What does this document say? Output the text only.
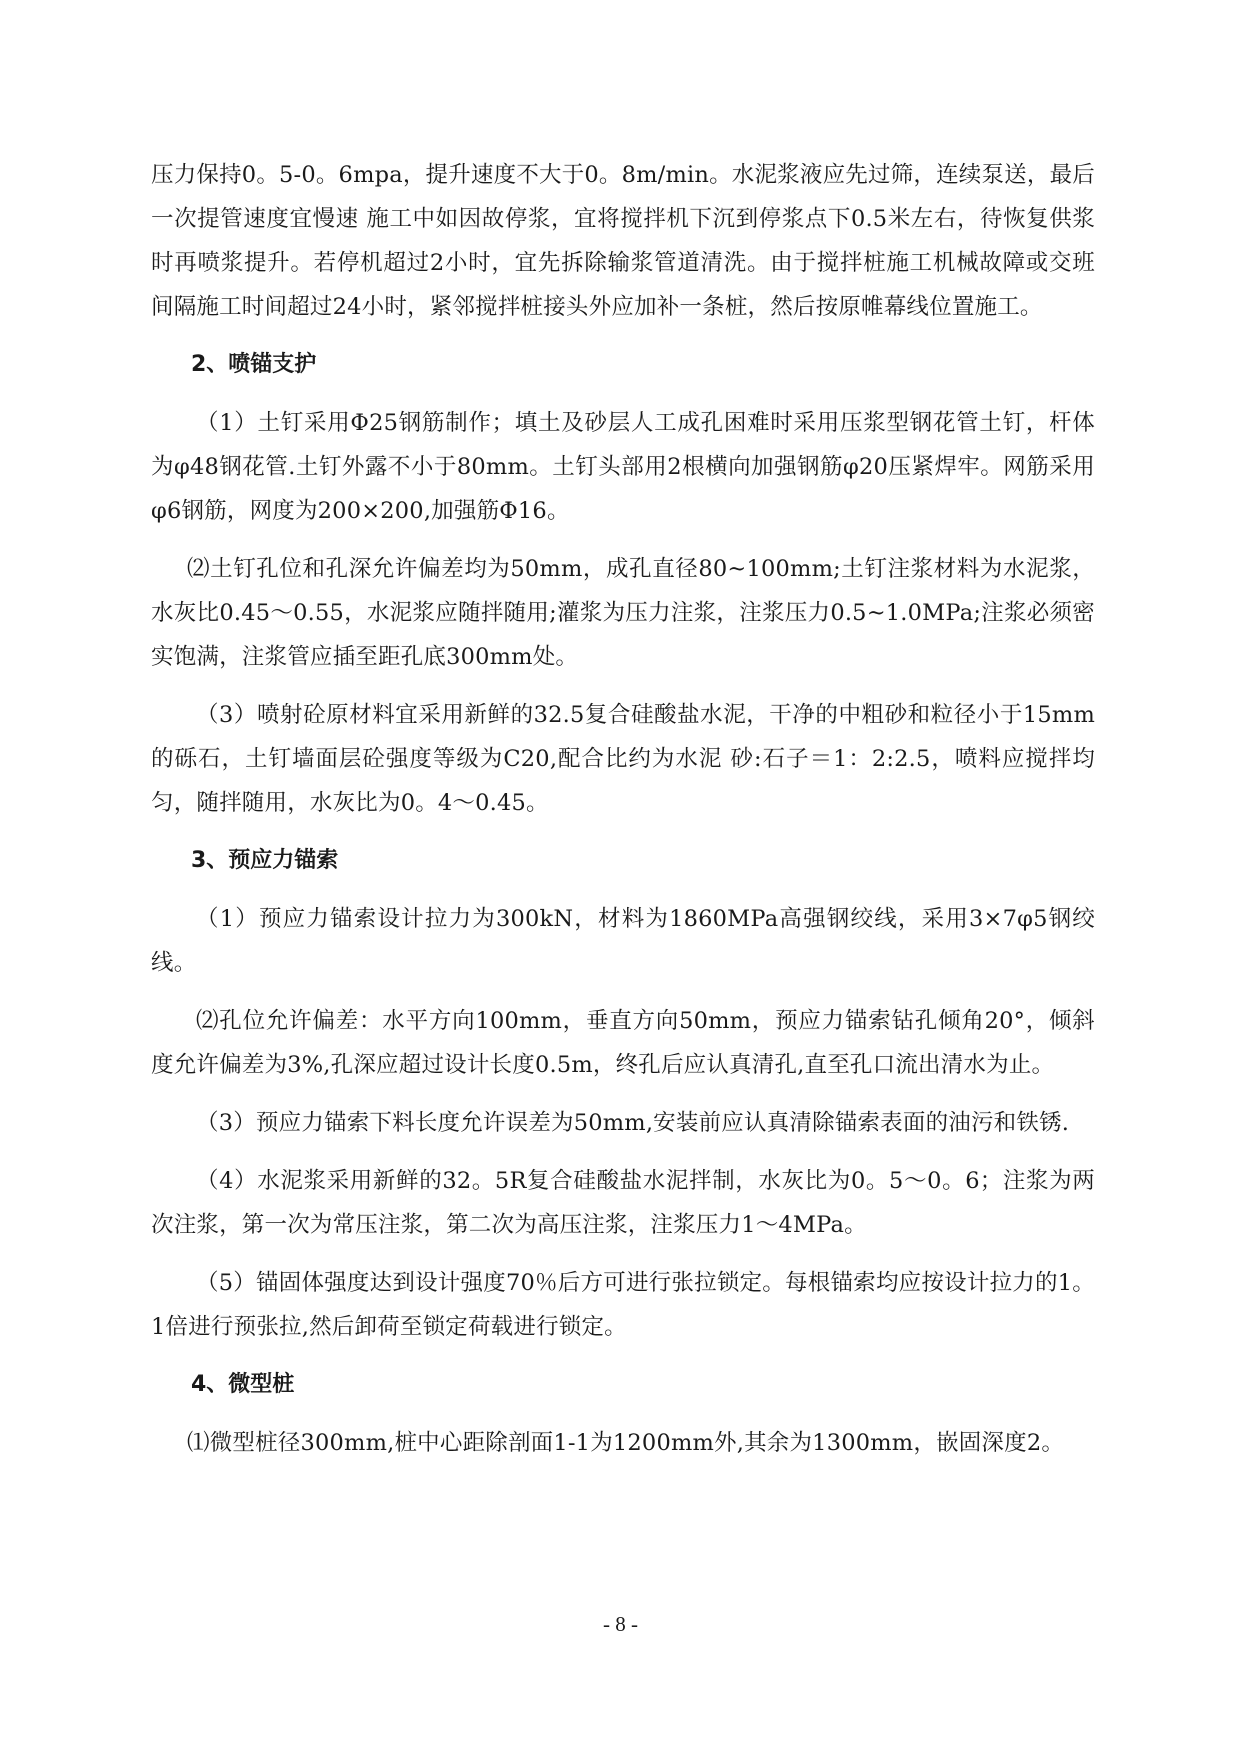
压力保持0。5-0。6mpa，提升速度不大于0。8m/min。水泥浆液应先过筛，连续泵送，最后一次提管速度宜慢速 施工中如因故停浆，宜将搅拌机下沉到停浆点下0.5米左右，待恢复供浆时再喷浆提升。若停机超过2小时，宜先拆除输浆管道清洗。由于搅拌桩施工机械故障或交班间隔施工时间超过24小时，紧邻搅拌桩接头外应加补一条桩，然后按原帷幕线位置施工。

2、喷锚支护

（1）土钉采用Φ25钢筋制作；填土及砂层人工成孔困难时采用压浆型钢花管土钉，杆体为φ48钢花管.土钉外露不小于80mm。土钉头部用2根横向加强钢筋φ20压紧焊牢。网筋采用φ6钢筋，网度为200×200,加强筋Φ16。

⑵土钉孔位和孔深允许偏差均为50mm，成孔直径80~100mm;土钉注浆材料为水泥浆，水灰比0.45～0.55，水泥浆应随拌随用;灌浆为压力注浆，注浆压力0.5~1.0MPa;注浆必须密实饱满，注浆管应插至距孔底300mm处。

（3）喷射砼原材料宜采用新鲜的32.5复合硅酸盐水泥，干净的中粗砂和粒径小于15mm的砾石，土钉墙面层砼强度等级为C20,配合比约为水泥 砂:石子＝1：2:2.5，喷料应搅拌均匀，随拌随用，水灰比为0。4～0.45。

3、预应力锚索

（1）预应力锚索设计拉力为300kN，材料为1860MPa高强钢绞线，采用3×7φ5钢绞线。

⑵孔位允许偏差：水平方向100mm，垂直方向50mm，预应力锚索钻孔倾角20°，倾斜度允许偏差为3%,孔深应超过设计长度0.5m，终孔后应认真清孔,直至孔口流出清水为止。

（3）预应力锚索下料长度允许误差为50mm,安装前应认真清除锚索表面的油污和铁锈.

（4）水泥浆采用新鲜的32。5R复合硅酸盐水泥拌制，水灰比为0。5～0。6；注浆为两次注浆，第一次为常压注浆，第二次为高压注浆，注浆压力1～4MPa。

（5）锚固体强度达到设计强度70％后方可进行张拉锁定。每根锚索均应按设计拉力的1。1倍进行预张拉,然后卸荷至锁定荷载进行锁定。

4、微型桩

⑴微型桩径300mm,桩中心距除剖面1-1为1200mm外,其余为1300mm，嵌固深度2。

- 8 -
